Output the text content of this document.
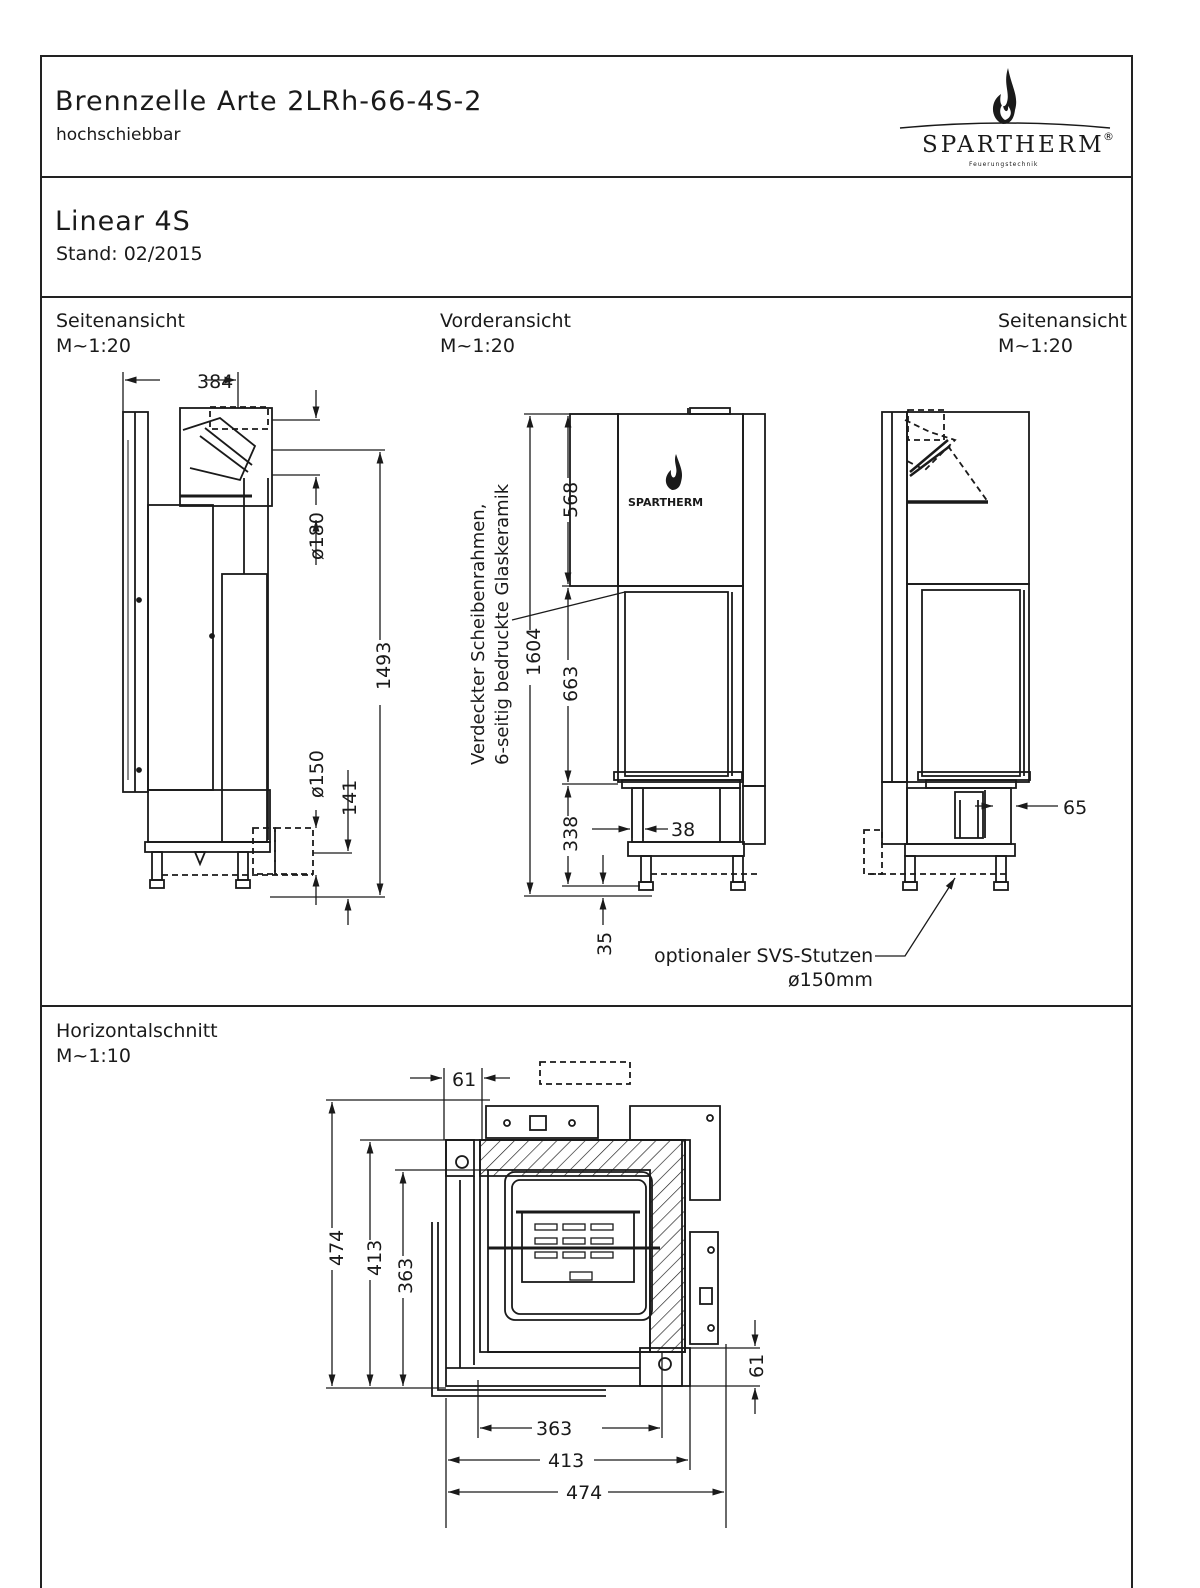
Brennzelle Arte 2LRh-66-4S-2
hochschiebbar	SPARTHERM
®
Feuerungstechnik
Linear 4S
Stand: 02/2015
Seitenansicht
M~1:20
Vorderansicht
M~1:20
Seitenansicht
M~1:20
Horizontalschnitt
M~1:10
384
ø180
1493
ø150 141
SPARTHERM
1604
568
663
338	38
35
Verdeckter Scheibenrahmen, 6-seitig bedruckte Glaskeramik
65
optionaler SVS-Stutzen
ø150mm
61
474 413 363
61
363
413
474
